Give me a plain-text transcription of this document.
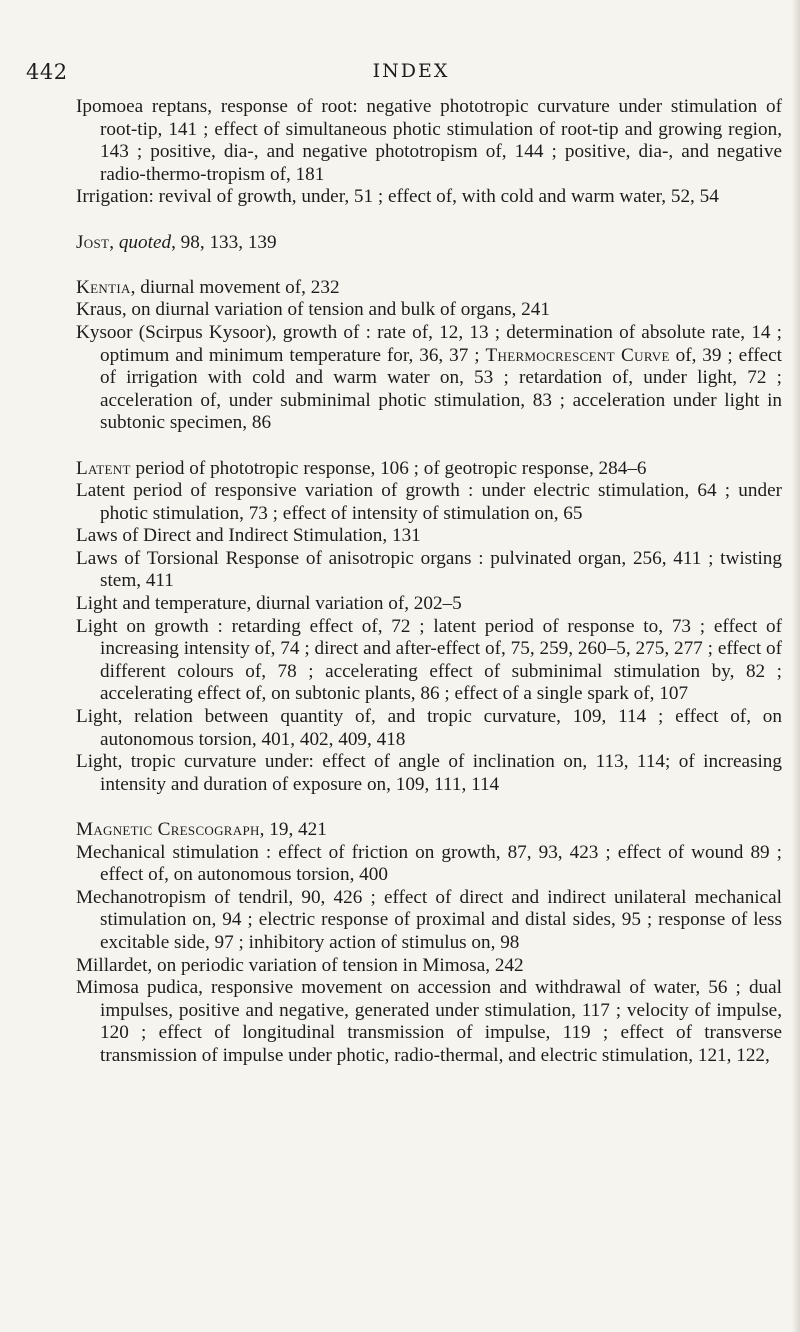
442	INDEX

Ipomoea reptans, response of root: negative phototropic curvature under stimulation of root-tip, 141 ; effect of simultaneous photic stimulation of root-tip and growing region, 143 ; positive, dia-, and negative phototropism of, 144 ; positive, dia-, and negative radio-thermo-tropism of, 181

Irrigation: revival of growth, under, 51 ; effect of, with cold and warm water, 52, 54

Jost, quoted, 98, 133, 139

Kentia, diurnal movement of, 232

Kraus, on diurnal variation of tension and bulk of organs, 241

Kysoor (Scirpus Kysoor), growth of : rate of, 12, 13 ; determination of absolute rate, 14 ; optimum and minimum temperature for, 36, 37 ; Thermocrescent Curve of, 39 ; effect of irrigation with cold and warm water on, 53 ; retardation of, under light, 72 ; acceleration of, under subminimal photic stimulation, 83 ; acceleration under light in subtonic specimen, 86

Latent period of phototropic response, 106 ; of geotropic response, 284–6

Latent period of responsive variation of growth : under electric stimulation, 64 ; under photic stimulation, 73 ; effect of intensity of stimulation on, 65

Laws of Direct and Indirect Stimulation, 131

Laws of Torsional Response of anisotropic organs : pulvinated organ, 256, 411 ; twisting stem, 411

Light and temperature, diurnal variation of, 202–5

Light on growth : retarding effect of, 72 ; latent period of response to, 73 ; effect of increasing intensity of, 74 ; direct and after-effect of, 75, 259, 260–5, 275, 277 ; effect of different colours of, 78 ; accelerating effect of subminimal stimulation by, 82 ; accelerating effect of, on subtonic plants, 86 ; effect of a single spark of, 107

Light, relation between quantity of, and tropic curvature, 109, 114 ; effect of, on autonomous torsion, 401, 402, 409, 418

Light, tropic curvature under: effect of angle of inclination on, 113, 114; of increasing intensity and duration of exposure on, 109, 111, 114

Magnetic Crescograph, 19, 421

Mechanical stimulation : effect of friction on growth, 87, 93, 423 ; effect of wound 89 ; effect of, on autonomous torsion, 400

Mechanotropism of tendril, 90, 426 ; effect of direct and indirect unilateral mechanical stimulation on, 94 ; electric response of proximal and distal sides, 95 ; response of less excitable side, 97 ; inhibitory action of stimulus on, 98

Millardet, on periodic variation of tension in Mimosa, 242

Mimosa pudica, responsive movement on accession and withdrawal of water, 56 ; dual impulses, positive and negative, generated under stimulation, 117 ; velocity of impulse, 120 ; effect of longitudinal transmission of impulse, 119 ; effect of transverse transmission of impulse under photic, radio-thermal, and electric stimulation, 121, 122,
